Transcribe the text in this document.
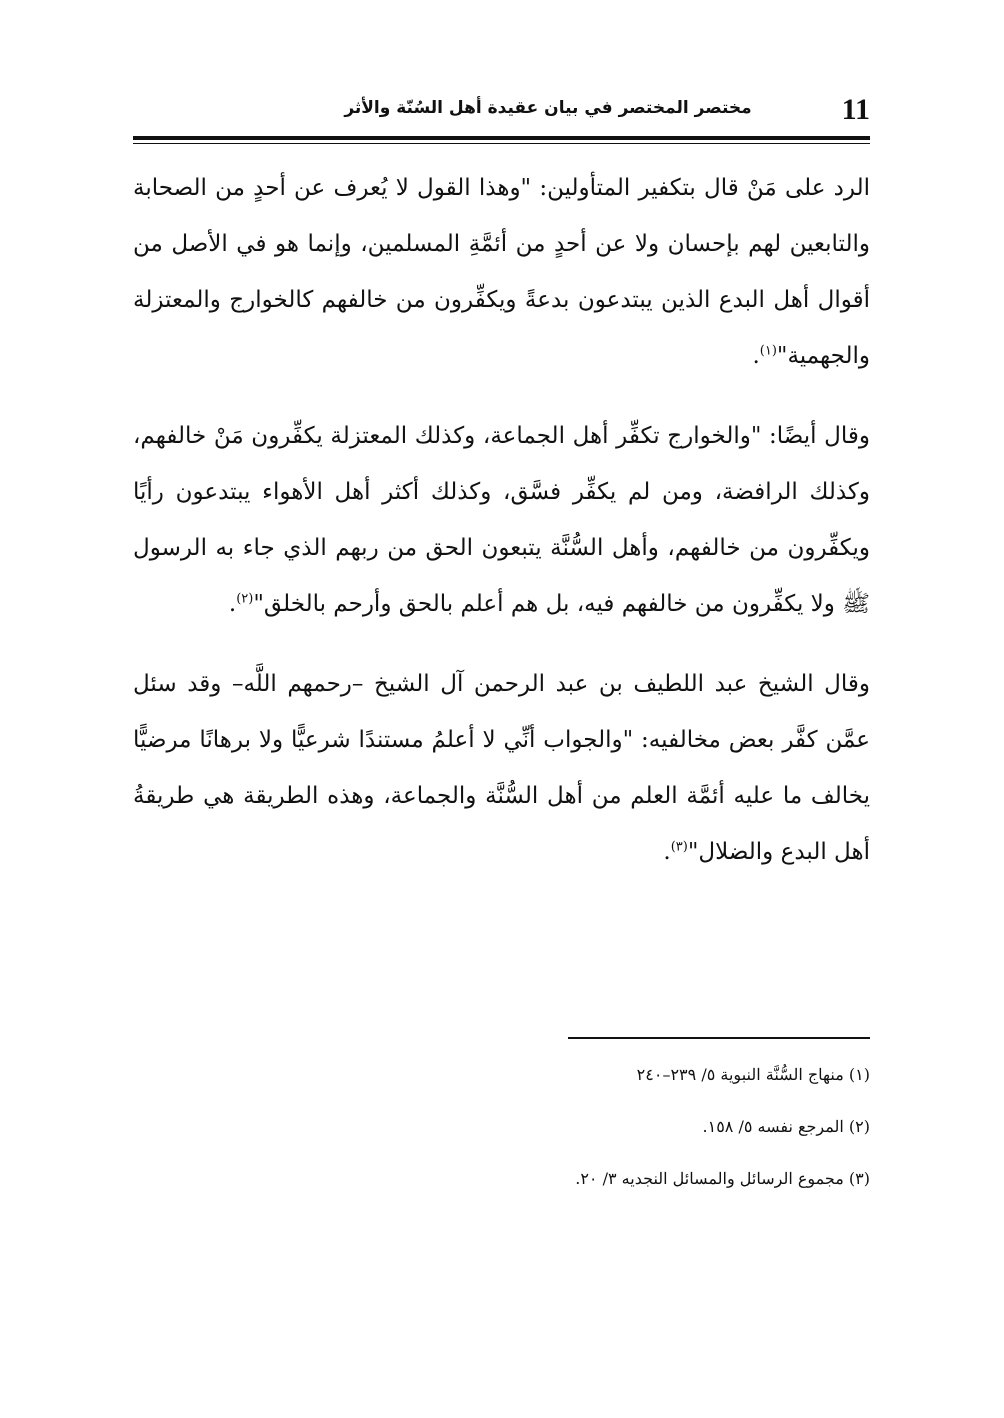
مختصر المختصر في بيان عقيدة أهل السُنّة والأثر	11

الرد على مَنْ قال بتكفير المتأولين: "وهذا القول لا يُعرف عن أحدٍ من الصحابة والتابعين لهم بإحسان ولا عن أحدٍ من أئمَّةِ المسلمين، وإنما هو في الأصل من أقوال أهل البدع الذين يبتدعون بدعةً ويكفِّرون من خالفهم كالخوارج والمعتزلة والجهمية"$^{(١)}$.

وقال أيضًا: "والخوارج تكفِّر أهل الجماعة، وكذلك المعتزلة يكفِّرون مَنْ خالفهم، وكذلك الرافضة، ومن لم يكفِّر فسَّق، وكذلك أكثر أهل الأهواء يبتدعون رأيًا ويكفِّرون من خالفهم، وأهل السُّنَّة يتبعون الحق من ربهم الذي جاء به الرسول ﷺ ولا يكفِّرون من خالفهم فيه، بل هم أعلم بالحق وأرحم بالخلق"$^{(٢)}$.

وقال الشيخ عبد اللطيف بن عبد الرحمن آل الشيخ –رحمهم اللَّه– وقد سئل عمَّن كفَّر بعض مخالفيه: "والجواب أنِّي لا أعلمُ مستندًا شرعيًّا ولا برهانًا مرضيًّا يخالف ما عليه أئمَّة العلم من أهل السُّنَّة والجماعة، وهذه الطريقة هي طريقةُ أهل البدع والضلال"$^{(٣)}$.

(١) منهاج السُّنَّة النبوية ٥/ ٢٣٩–٢٤٠

(٢) المرجع نفسه ٥/ ١٥٨.

(٣) مجموع الرسائل والمسائل النجديه ٣/ ٢٠.
